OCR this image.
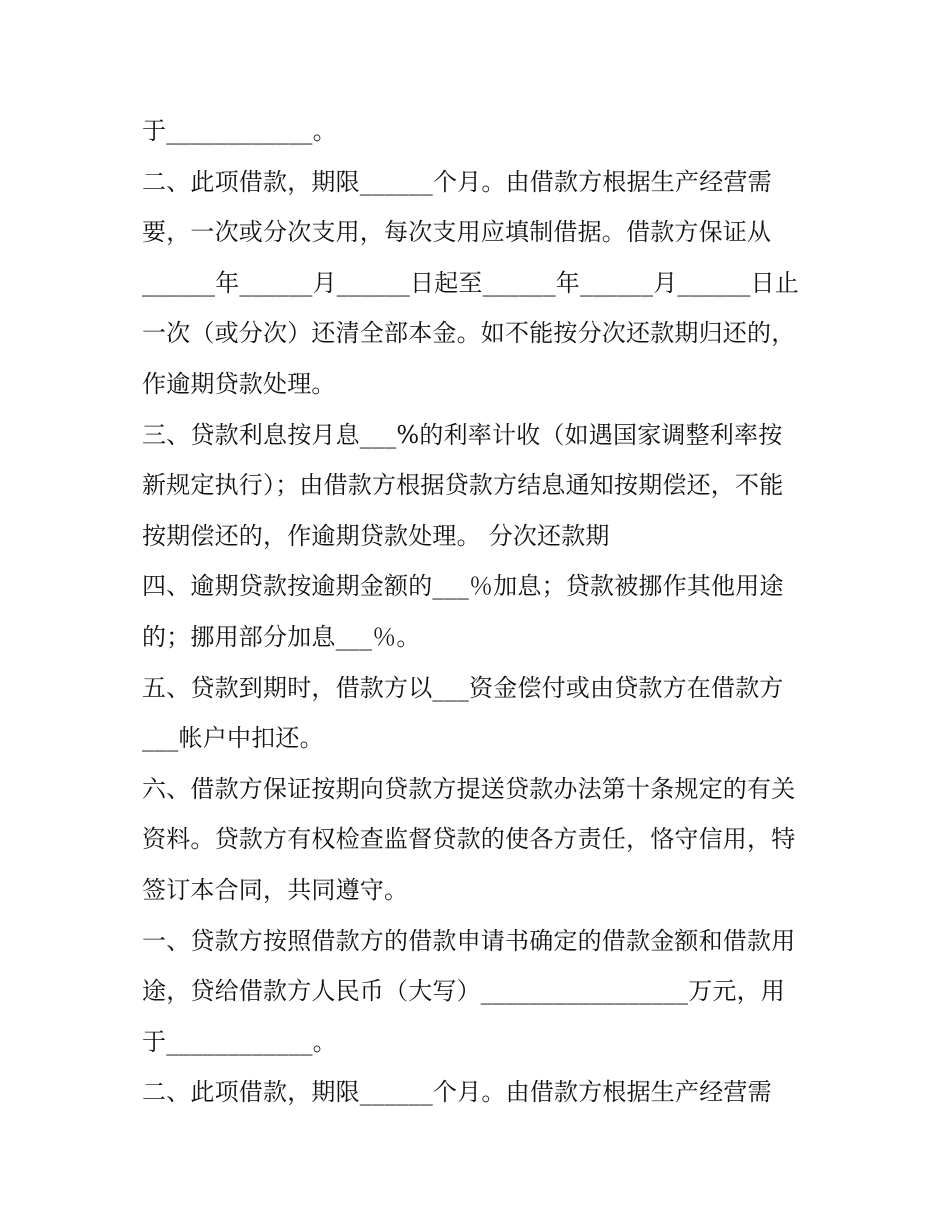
于____________。
二、此项借款，期限______个月。由借款方根据生产经营需
要，一次或分次支用，每次支用应填制借据。借款方保证从
______年______月______日起至______年______月______日止
一次（或分次）还清全部本金。如不能按分次还款期归还的，
作逾期贷款处理。
三、贷款利息按月息___%的利率计收（如遇国家调整利率按
新规定执行）；由借款方根据贷款方结息通知按期偿还，不能
按期偿还的，作逾期贷款处理。 分次还款期
四、逾期贷款按逾期金额的___％加息；贷款被挪作其他用途
的；挪用部分加息___％。
五、贷款到期时，借款方以___资金偿付或由贷款方在借款方
___帐户中扣还。
六、借款方保证按期向贷款方提送贷款办法第十条规定的有关
资料。贷款方有权检查监督贷款的使各方责任，恪守信用，特
签订本合同，共同遵守。
一、贷款方按照借款方的借款申请书确定的借款金额和借款用
途，贷给借款方人民币（大写）_________________万元，用
于____________。
二、此项借款，期限______个月。由借款方根据生产经营需
